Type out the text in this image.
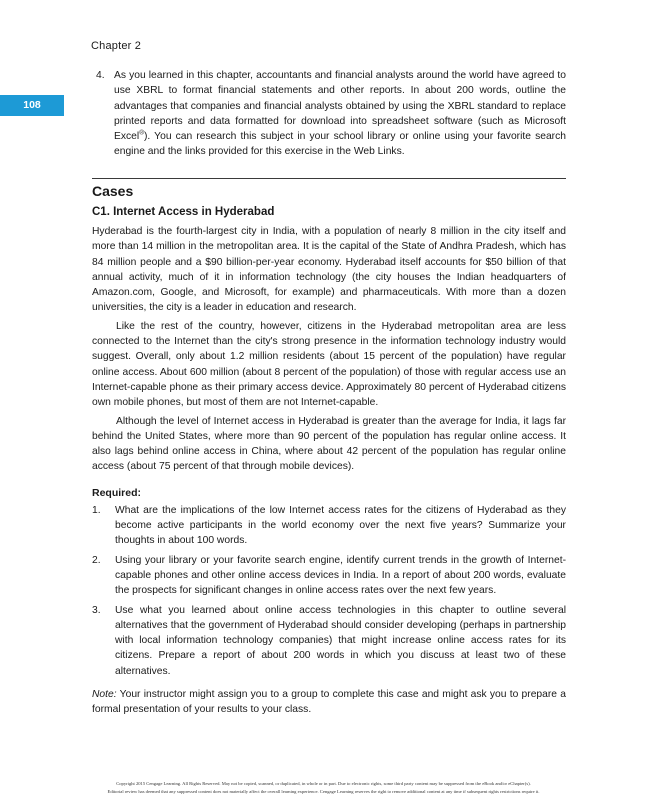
Chapter 2
108

4. As you learned in this chapter, accountants and financial analysts around the world have agreed to use XBRL to format financial statements and other reports. In about 200 words, outline the advantages that companies and financial analysts obtained by using the XBRL standard to replace printed reports and data formatted for download into spreadsheet software (such as Microsoft Excel®). You can research this subject in your school library or online using your favorite search engine and the links provided for this exercise in the Web Links.

Cases
C1. Internet Access in Hyderabad

Hyderabad is the fourth-largest city in India, with a population of nearly 8 million in the city itself and more than 14 million in the metropolitan area. It is the capital of the State of Andhra Pradesh, which has 84 million people and a $90 billion-per-year economy. Hyderabad itself accounts for $50 billion of that annual activity, much of it in information technology (the city houses the Indian headquarters of Amazon.com, Google, and Microsoft, for example) and pharmaceuticals. With more than a dozen universities, the city is a leader in education and research.

Like the rest of the country, however, citizens in the Hyderabad metropolitan area are less connected to the Internet than the city's strong presence in the information technology industry would suggest. Overall, only about 1.2 million residents (about 15 percent of the population) have regular online access. About 600 million (about 8 percent of the population) of those with regular access use an Internet-capable phone as their primary access device. Approximately 80 percent of Hyderabad citizens own mobile phones, but most of them are not Internet-capable.

Although the level of Internet access in Hyderabad is greater than the average for India, it lags far behind the United States, where more than 90 percent of the population has regular online access. It also lags behind online access in China, where about 42 percent of the population has regular online access (about 75 percent of that through mobile devices).

Required:

1. What are the implications of the low Internet access rates for the citizens of Hyderabad as they become active participants in the world economy over the next five years? Summarize your thoughts in about 100 words.

2. Using your library or your favorite search engine, identify current trends in the growth of Internet-capable phones and other online access devices in India. In a report of about 200 words, evaluate the prospects for significant changes in online access rates over the next few years.

3. Use what you learned about online access technologies in this chapter to outline several alternatives that the government of Hyderabad should consider developing (perhaps in partnership with local information technology companies) that might increase online access rates for its citizens. Prepare a report of about 200 words in which you discuss at least two of these alternatives.

Note: Your instructor might assign you to a group to complete this case and might ask you to prepare a formal presentation of your results to your class.

Copyright 2015 Cengage Learning. All Rights Reserved. May not be copied, scanned, or duplicated, in whole or in part. Due to electronic rights, some third party content may be suppressed from the eBook and/or eChapter(s).
Editorial review has deemed that any suppressed content does not materially affect the overall learning experience. Cengage Learning reserves the right to remove additional content at any time if subsequent rights restrictions require it.
